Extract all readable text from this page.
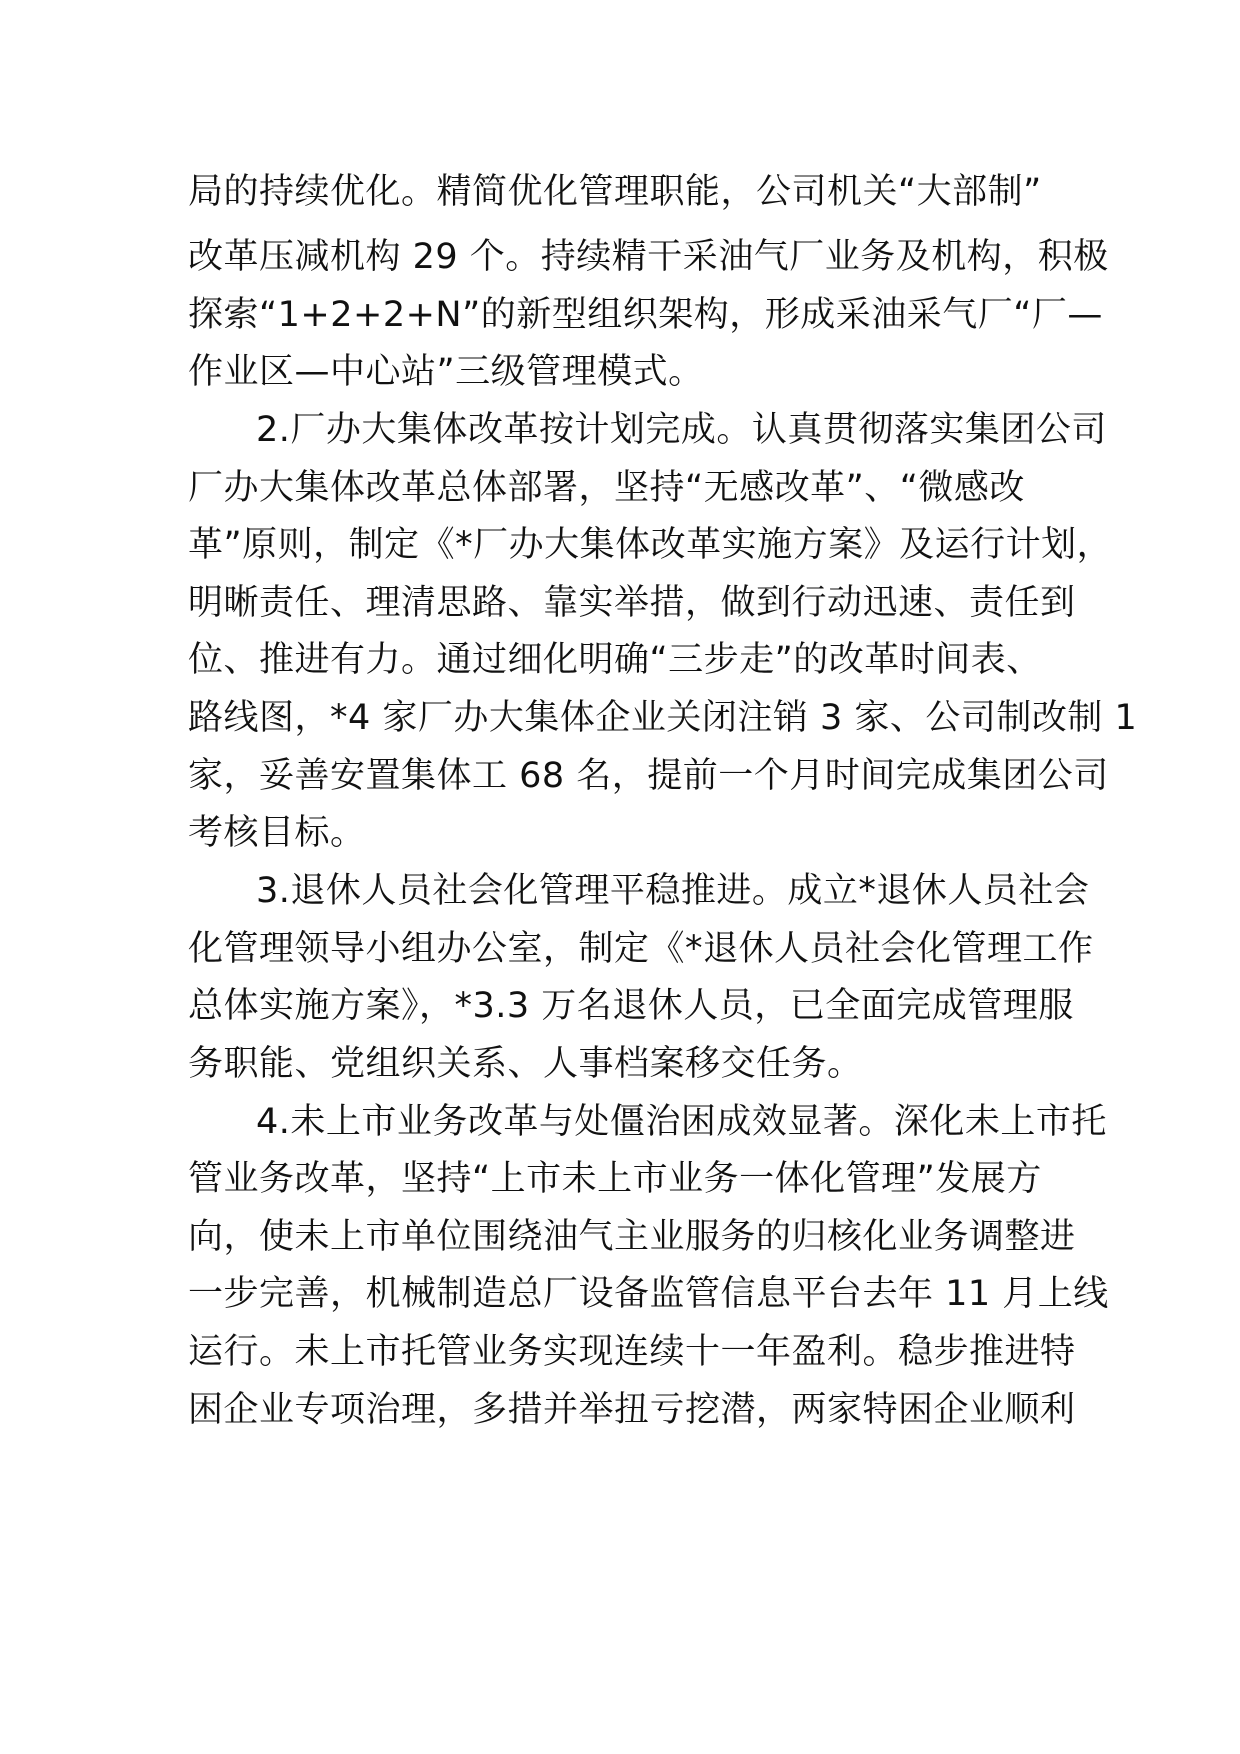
局的持续优化。精简优化管理职能，公司机关“大部制”
改革压减机构 29 个。持续精干采油气厂业务及机构，积极
探索“1+2+2+N”的新型组织架构，形成采油采气厂“厂—
作业区—中心站”三级管理模式。
2.厂办大集体改革按计划完成。认真贯彻落实集团公司
厂办大集体改革总体部署，坚持“无感改革”、“微感改
革”原则，制定《*厂办大集体改革实施方案》及运行计划，
明晰责任、理清思路、靠实举措，做到行动迅速、责任到
位、推进有力。通过细化明确“三步走”的改革时间表、
路线图，*4 家厂办大集体企业关闭注销 3 家、公司制改制 1
家，妥善安置集体工 68 名，提前一个月时间完成集团公司
考核目标。
3.退休人员社会化管理平稳推进。成立*退休人员社会
化管理领导小组办公室，制定《*退休人员社会化管理工作
总体实施方案》，*3.3 万名退休人员，已全面完成管理服
务职能、党组织关系、人事档案移交任务。
4.未上市业务改革与处僵治困成效显著。深化未上市托
管业务改革，坚持“上市未上市业务一体化管理”发展方
向，使未上市单位围绕油气主业服务的归核化业务调整进
一步完善，机械制造总厂设备监管信息平台去年 11 月上线
运行。未上市托管业务实现连续十一年盈利。稳步推进特
困企业专项治理，多措并举扭亏挖潜，两家特困企业顺利
